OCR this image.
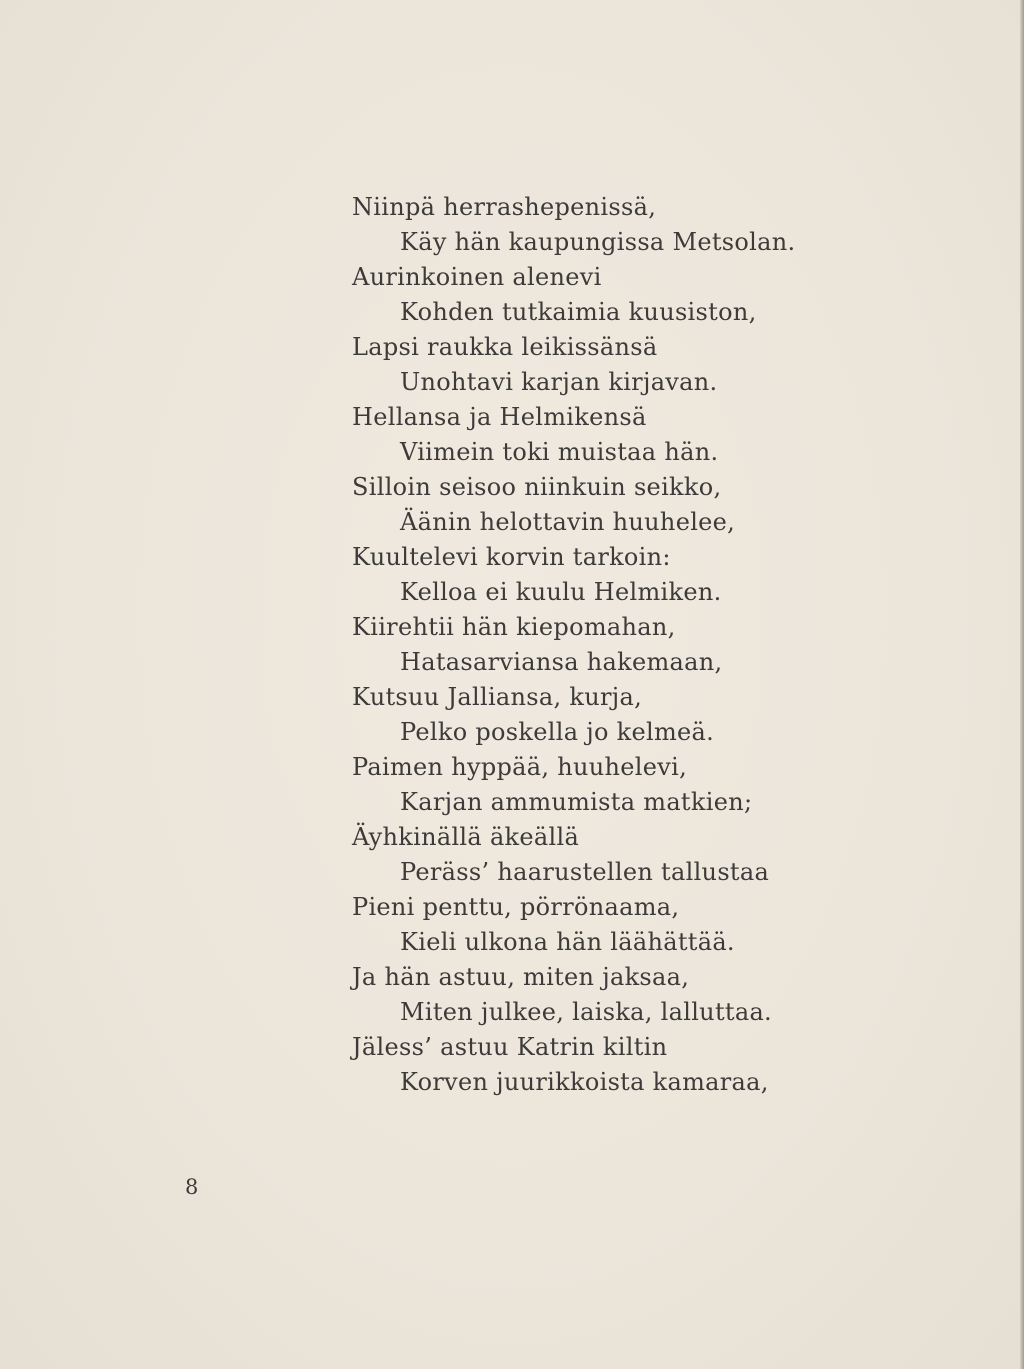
Niinpä herrashepenissä,
Käy hän kaupungissa Metsolan.
Aurinkoinen alenevi
Kohden tutkaimia kuusiston,
Lapsi raukka leikissänsä
Unohtavi karjan kirjavan.
Hellansa ja Helmikensä
Viimein toki muistaa hän.
Silloin seisoo niinkuin seikko,
Äänin helottavin huuhelee,
Kuultelevi korvin tarkoin:
Kelloa ei kuulu Helmiken.
Kiirehtii hän kiepomahan,
Hatasarviansa hakemaan,
Kutsuu Jalliansa, kurja,
Pelko poskella jo kelmeä.
Paimen hyppää, huuhelevi,
Karjan ammumista matkien;
Äyhkinällä äkeällä
Peräss’ haarustellen tallustaa
Pieni penttu, pörrönaama,
Kieli ulkona hän läähättää.
Ja hän astuu, miten jaksaa,
Miten julkee, laiska, lalluttaa.
Jäless’ astuu Katrin kiltin
Korven juurikkoista kamaraa,
8
